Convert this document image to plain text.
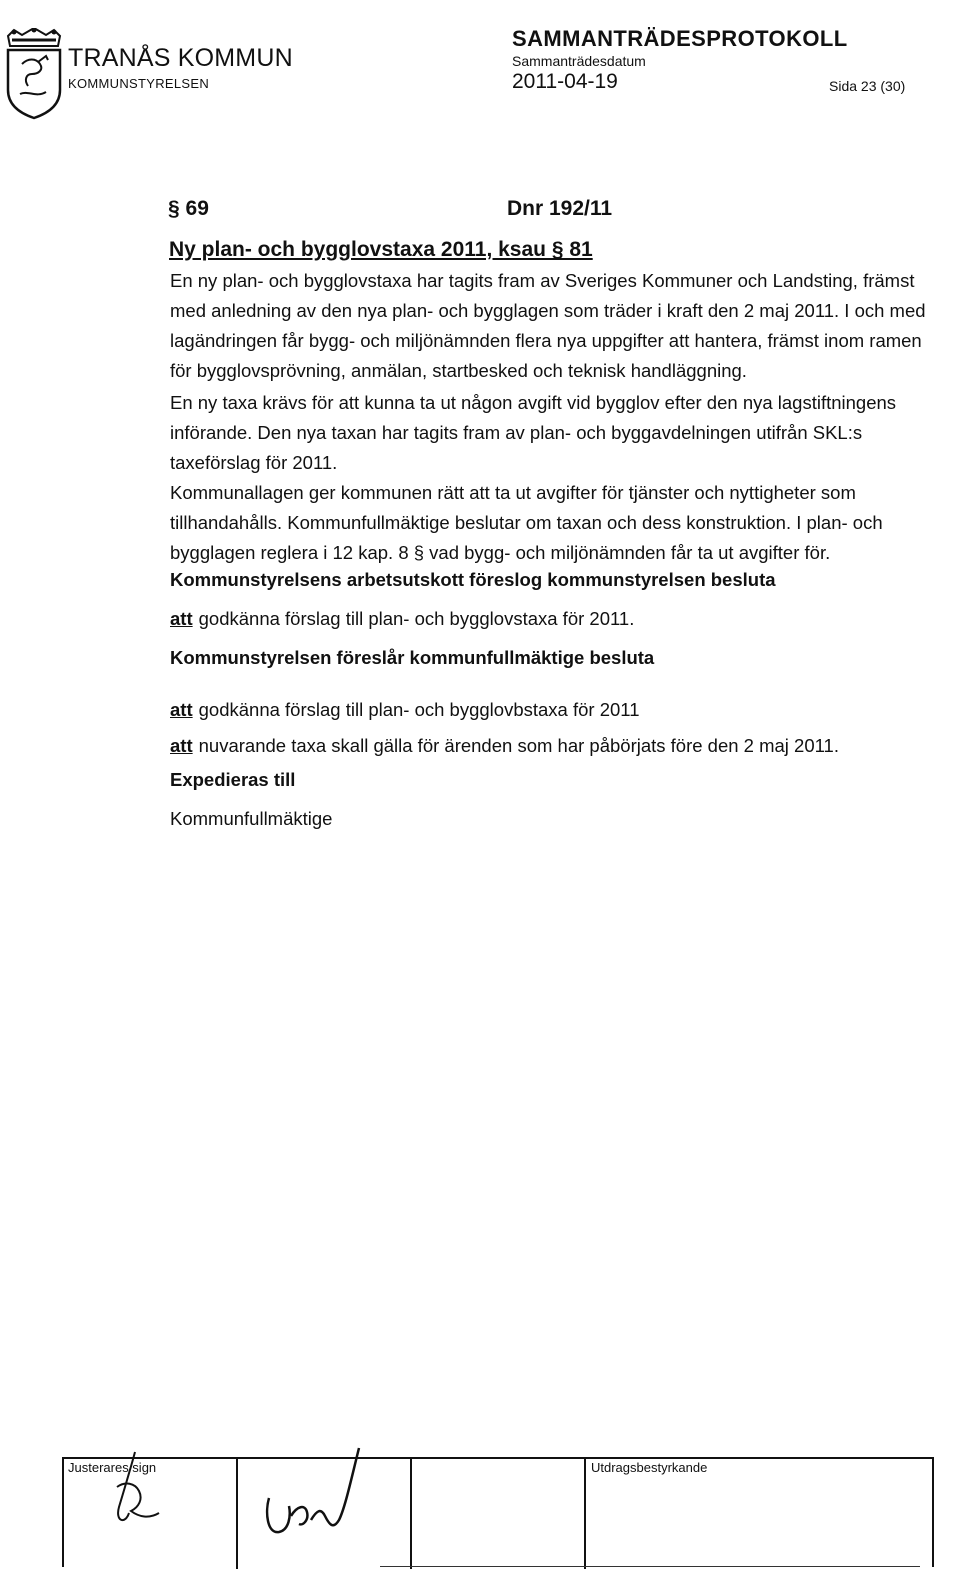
TRANÅS KOMMUN
KOMMUNSTYRELSEN
SAMMANTRÄDESPROTOKOLL
Sammanträdesdatum
2011-04-19	Sida 23 (30)
§ 69	Dnr 192/11
Ny plan- och bygglovstaxa 2011, ksau § 81
En ny plan- och bygglovstaxa har tagits fram av Sveriges Kommuner och Landsting, främst med anledning av den nya plan- och bygglagen som träder i kraft den 2 maj 2011. I och med lagändringen får bygg- och miljönämnden flera nya uppgifter att hantera, främst inom ramen för bygglovsprövning, anmälan, startbesked och teknisk handläggning.
En ny taxa krävs för att kunna ta ut någon avgift vid bygglov efter den nya lagstiftningens införande. Den nya taxan har tagits fram av plan- och byggavdelningen utifrån SKL:s taxeförslag för 2011.
Kommunallagen ger kommunen rätt att ta ut avgifter för tjänster och nyttigheter som tillhandahålls. Kommunfullmäktige beslutar om taxan och dess konstruktion. I plan- och bygglagen reglera i 12 kap. 8 § vad bygg- och miljönämnden får ta ut avgifter för.
Kommunstyrelsens arbetsutskott föreslog kommunstyrelsen besluta
att godkänna förslag till plan- och bygglovstaxa för 2011.
Kommunstyrelsen föreslår kommunfullmäktige besluta
att godkänna förslag till plan- och bygglovbstaxa för 2011
att nuvarande taxa skall gälla för ärenden som har påbörjats före den 2 maj 2011.
Expedieras till
Kommunfullmäktige
Justerares sign	Utdragsbestyrkande
